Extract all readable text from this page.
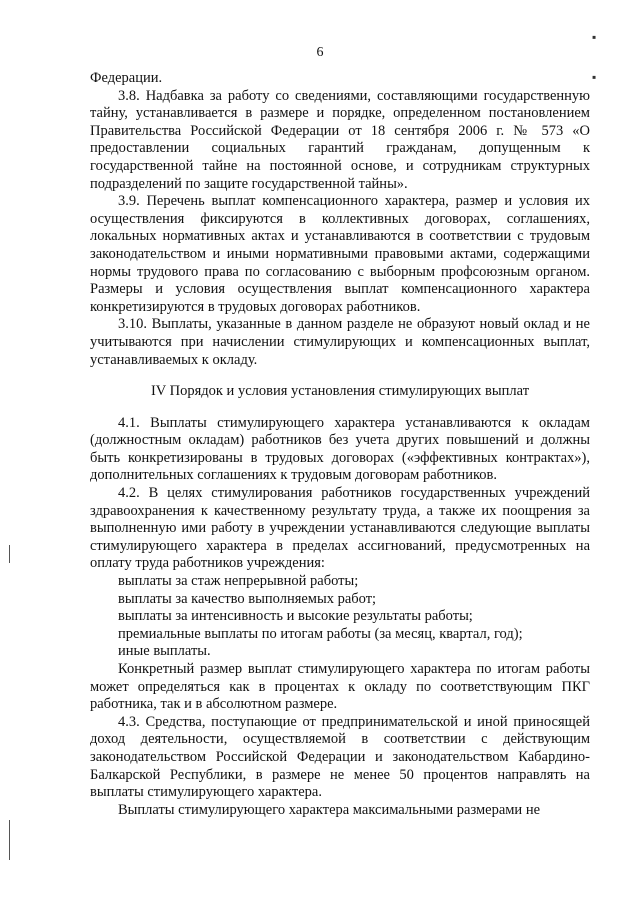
6
▪
▪

Федерации.

3.8. Надбавка за работу со сведениями, составляющими государственную тайну, устанавливается в размере и порядке, определенном постановлением Правительства Российской Федерации от 18 сентября 2006 г. № 573 «О предоставлении социальных гарантий гражданам, допущенным к государственной тайне на постоянной основе, и сотрудникам структурных подразделений по защите государственной тайны».

3.9. Перечень выплат компенсационного характера, размер и условия их осуществления фиксируются в коллективных договорах, соглашениях, локальных нормативных актах и устанавливаются в соответствии с трудовым законодательством и иными нормативными правовыми актами, содержащими нормы трудового права по согласованию с выборным профсоюзным органом. Размеры и условия осуществления выплат компенсационного характера конкретизируются в трудовых договорах работников.

3.10. Выплаты, указанные в данном разделе не образуют новый оклад и не учитываются при начислении стимулирующих и компенсационных выплат, устанавливаемых к окладу.

IV Порядок и условия установления стимулирующих выплат

4.1. Выплаты стимулирующего характера устанавливаются к окладам (должностным окладам) работников без учета других повышений и должны быть конкретизированы в трудовых договорах («эффективных контрактах»), дополнительных соглашениях к трудовым договорам работников.

4.2. В целях стимулирования работников государственных учреждений здравоохранения к качественному результату труда, а также их поощрения за выполненную ими работу в учреждении устанавливаются следующие выплаты стимулирующего характера в пределах ассигнований, предусмотренных на оплату труда работников учреждения:

выплаты за стаж непрерывной работы;

выплаты за качество выполняемых работ;

выплаты за интенсивность и высокие результаты работы;

премиальные выплаты по итогам работы (за месяц, квартал, год);

иные выплаты.

Конкретный размер выплат стимулирующего характера по итогам работы может определяться как в процентах к окладу по соответствующим ПКГ работника, так и в абсолютном размере.

4.3. Средства, поступающие от предпринимательской и иной приносящей доход деятельности, осуществляемой в соответствии с действующим законодательством Российской Федерации и законодательством Кабардино-Балкарской Республики, в размере не менее 50 процентов направлять на выплаты стимулирующего характера.

Выплаты стимулирующего характера максимальными размерами не
